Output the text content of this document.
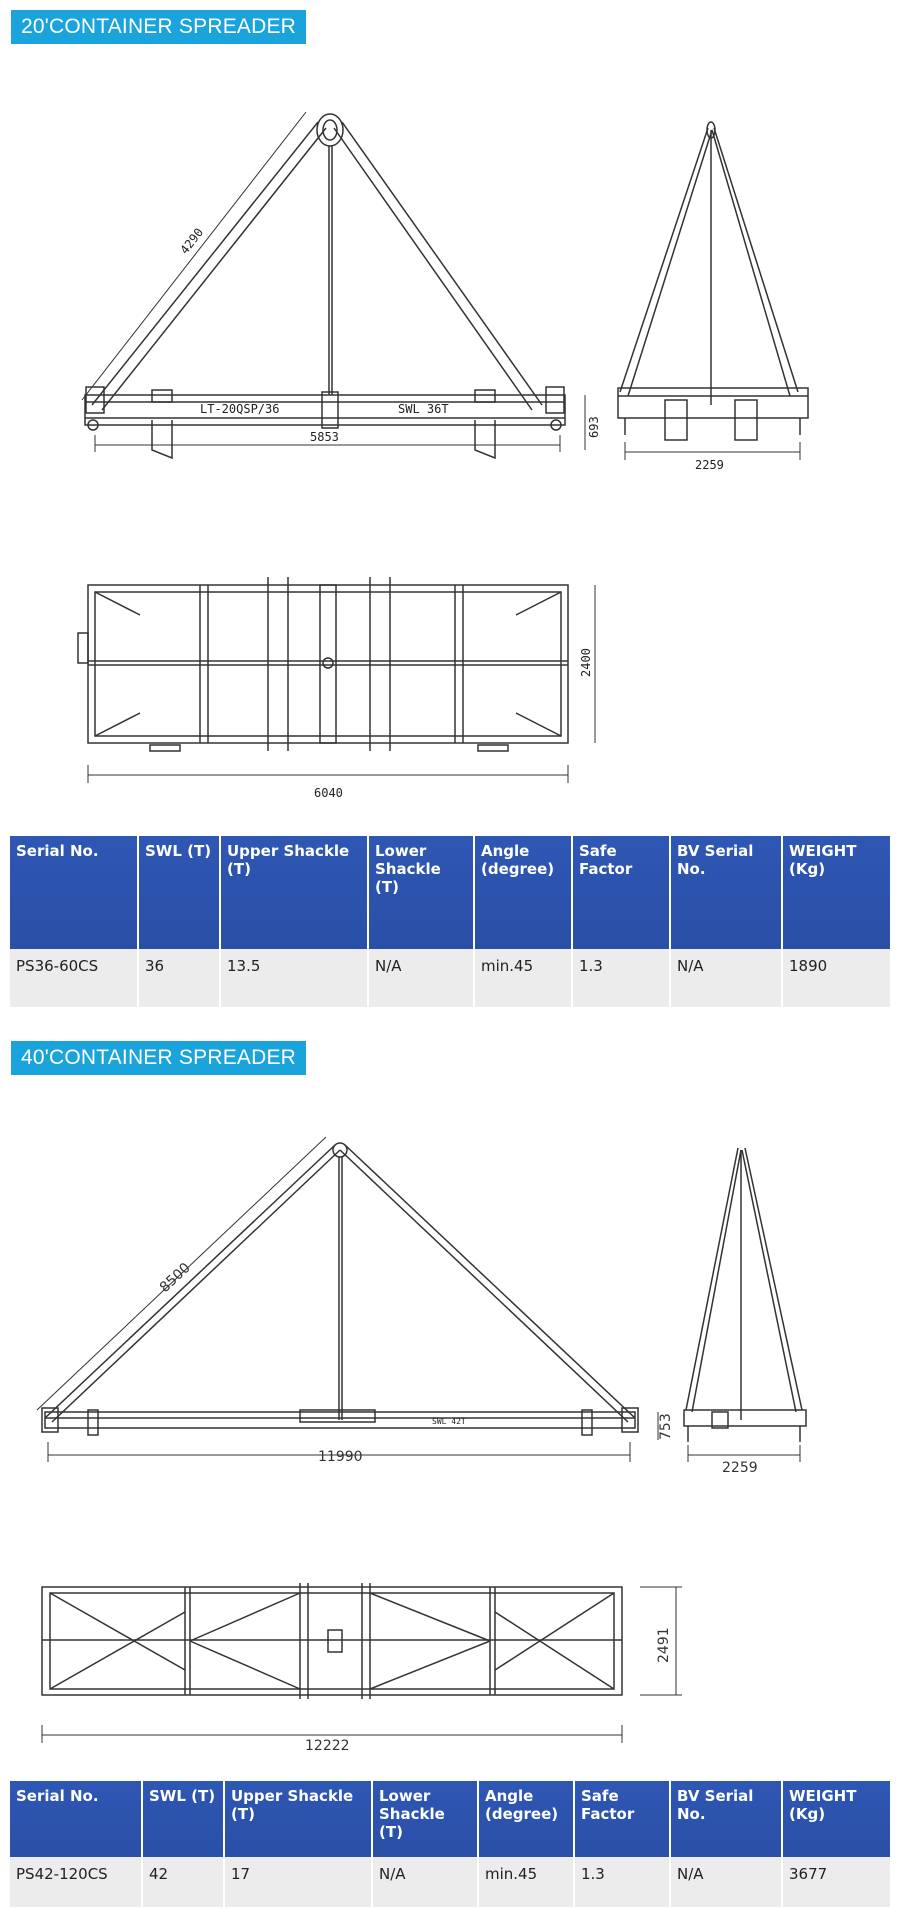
20'CONTAINER SPREADER
4290
LT-20QSP/36	SWL 36T
5853	693
2259
6040
2400
Serial No.	SWL (T)	Upper Shackle (T)	Lower Shackle (T)	Angle (degree)	Safe Factor	BV Serial No.	WEIGHT (Kg)
PS36-60CS	36	13.5	N/A	min.45	1.3	N/A	1890
40'CONTAINER SPREADER
8500
SWL 42T
11990
753
2259
12222
2491
Serial No.	SWL (T)	Upper Shackle (T)	Lower Shackle (T)	Angle (degree)	Safe Factor	BV Serial No.	WEIGHT (Kg)
PS42-120CS	42	17	N/A	min.45	1.3	N/A	3677
